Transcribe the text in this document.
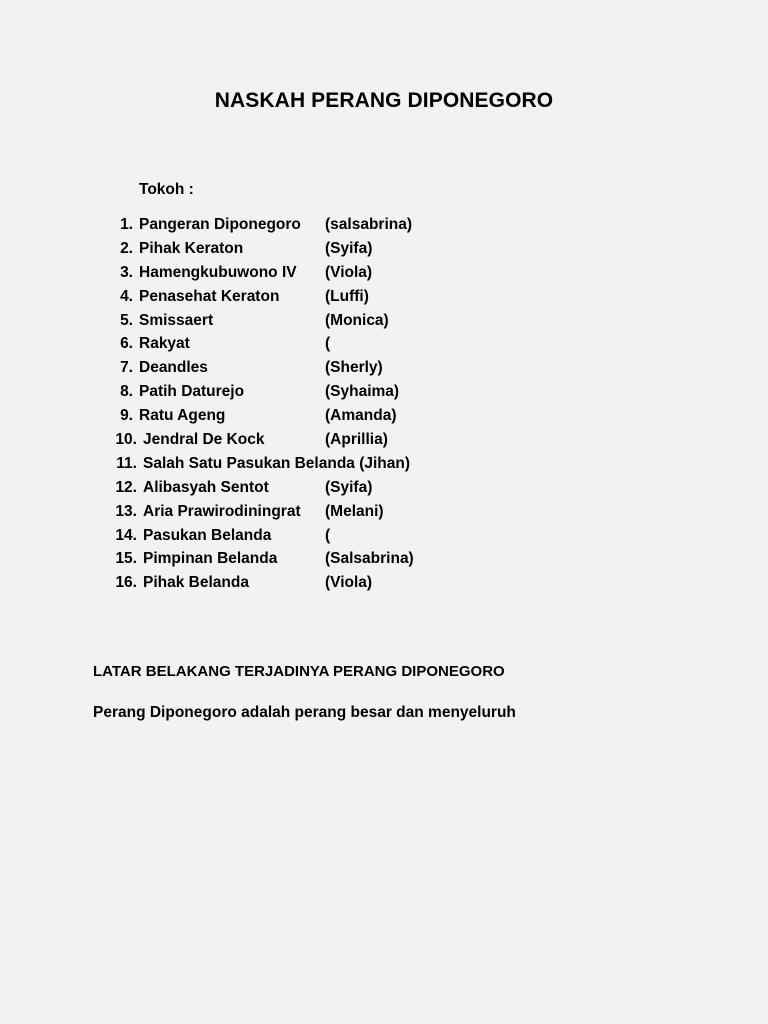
NASKAH PERANG DIPONEGORO
Tokoh :
1. Pangeran Diponegoro (salsabrina)
2. Pihak Keraton	(Syifa)
3. Hamengkubuwono IV (Viola)
4. Penasehat Keraton	(Luffi)
5. Smissaert	(Monica)
6. Rakyat	(
7. Deandles	(Sherly)
8. Patih Daturejo	(Syhaima)
9. Ratu Ageng	(Amanda)
10. Jendral De Kock	(Aprillia)
11. Salah Satu Pasukan Belanda (Jihan)
12. Alibasyah Sentot	(Syifa)
13. Aria Prawirodiningrat (Melani)
14. Pasukan Belanda	(
15. Pimpinan Belanda	(Salsabrina)
16. Pihak Belanda	(Viola)
LATAR BELAKANG TERJADINYA PERANG DIPONEGORO
Perang Diponegoro adalah perang besar dan menyeluruh
